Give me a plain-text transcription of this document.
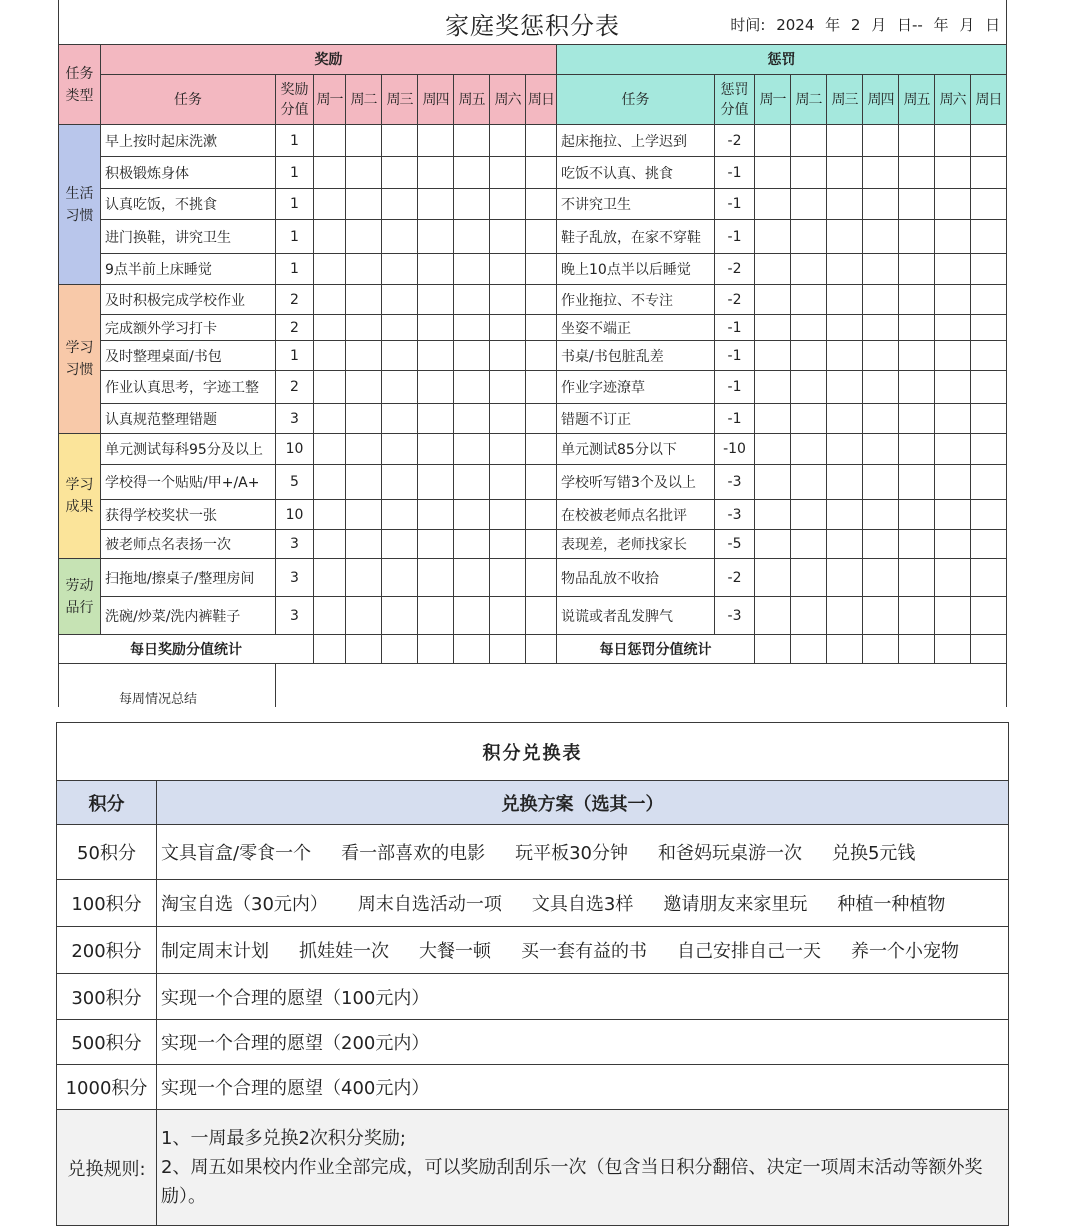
家庭奖惩积分表 时间: 2024 年 2 月 日-- 年 月 日																		

任务类型	奖励									惩罚								
	任务	奖励分值	周一	周二	周三	周四	周五	周六	周日	任务	惩罚分值	周一	周二	周三	周四	周五	周六	周日
生活习惯	早上按时起床洗漱	1								起床拖拉、上学迟到	-2							
	积极锻炼身体	1								吃饭不认真、挑食	-1							
	认真吃饭，不挑食	1								不讲究卫生	-1							
	进门换鞋，讲究卫生	1								鞋子乱放，在家不穿鞋	-1							
	9点半前上床睡觉	1								晚上10点半以后睡觉	-2							
学习习惯	及时积极完成学校作业	2								作业拖拉、不专注	-2							
	完成额外学习打卡	2								坐姿不端正	-1							
	及时整理桌面/书包	1								书桌/书包脏乱差	-1							
	作业认真思考，字迹工整	2								作业字迹潦草	-1							
	认真规范整理错题	3								错题不订正	-1							
学习成果	单元测试每科95分及以上	10								单元测试85分以下	-10							
	学校得一个贴贴/甲+/A+	5								学校听写错3个及以上	-3							
	获得学校奖状一张	10								在校被老师点名批评	-3							
	被老师点名表扬一次	3								表现差，老师找家长	-5							
劳动品行	扫拖地/擦桌子/整理房间	3								物品乱放不收拾	-2							
	洗碗/炒菜/洗内裤鞋子	3								说谎或者乱发脾气	-3							
每日奖励分值统计										每日惩罚分值统计								

每周情况总结																		

积分兑换表	
积分	兑换方案（选其一）
50积分	文具盲盒/零食一个 看一部喜欢的电影 玩平板30分钟 和爸妈玩桌游一次 兑换5元钱
100积分	淘宝自选（30元内） 周末自选活动一项 文具自选3样 邀请朋友来家里玩 种植一种植物
200积分	制定周末计划 抓娃娃一次 大餐一顿 买一套有益的书 自己安排自己一天 养一个小宠物
300积分	实现一个合理的愿望（100元内）
500积分	实现一个合理的愿望（200元内）
1000积分	实现一个合理的愿望（400元内）
兑换规则:	1、一周最多兑换2次积分奖励;
2、周五如果校内作业全部完成，可以奖励刮刮乐一次（包含当日积分翻倍、决定一项周末活动等额外奖励）。
